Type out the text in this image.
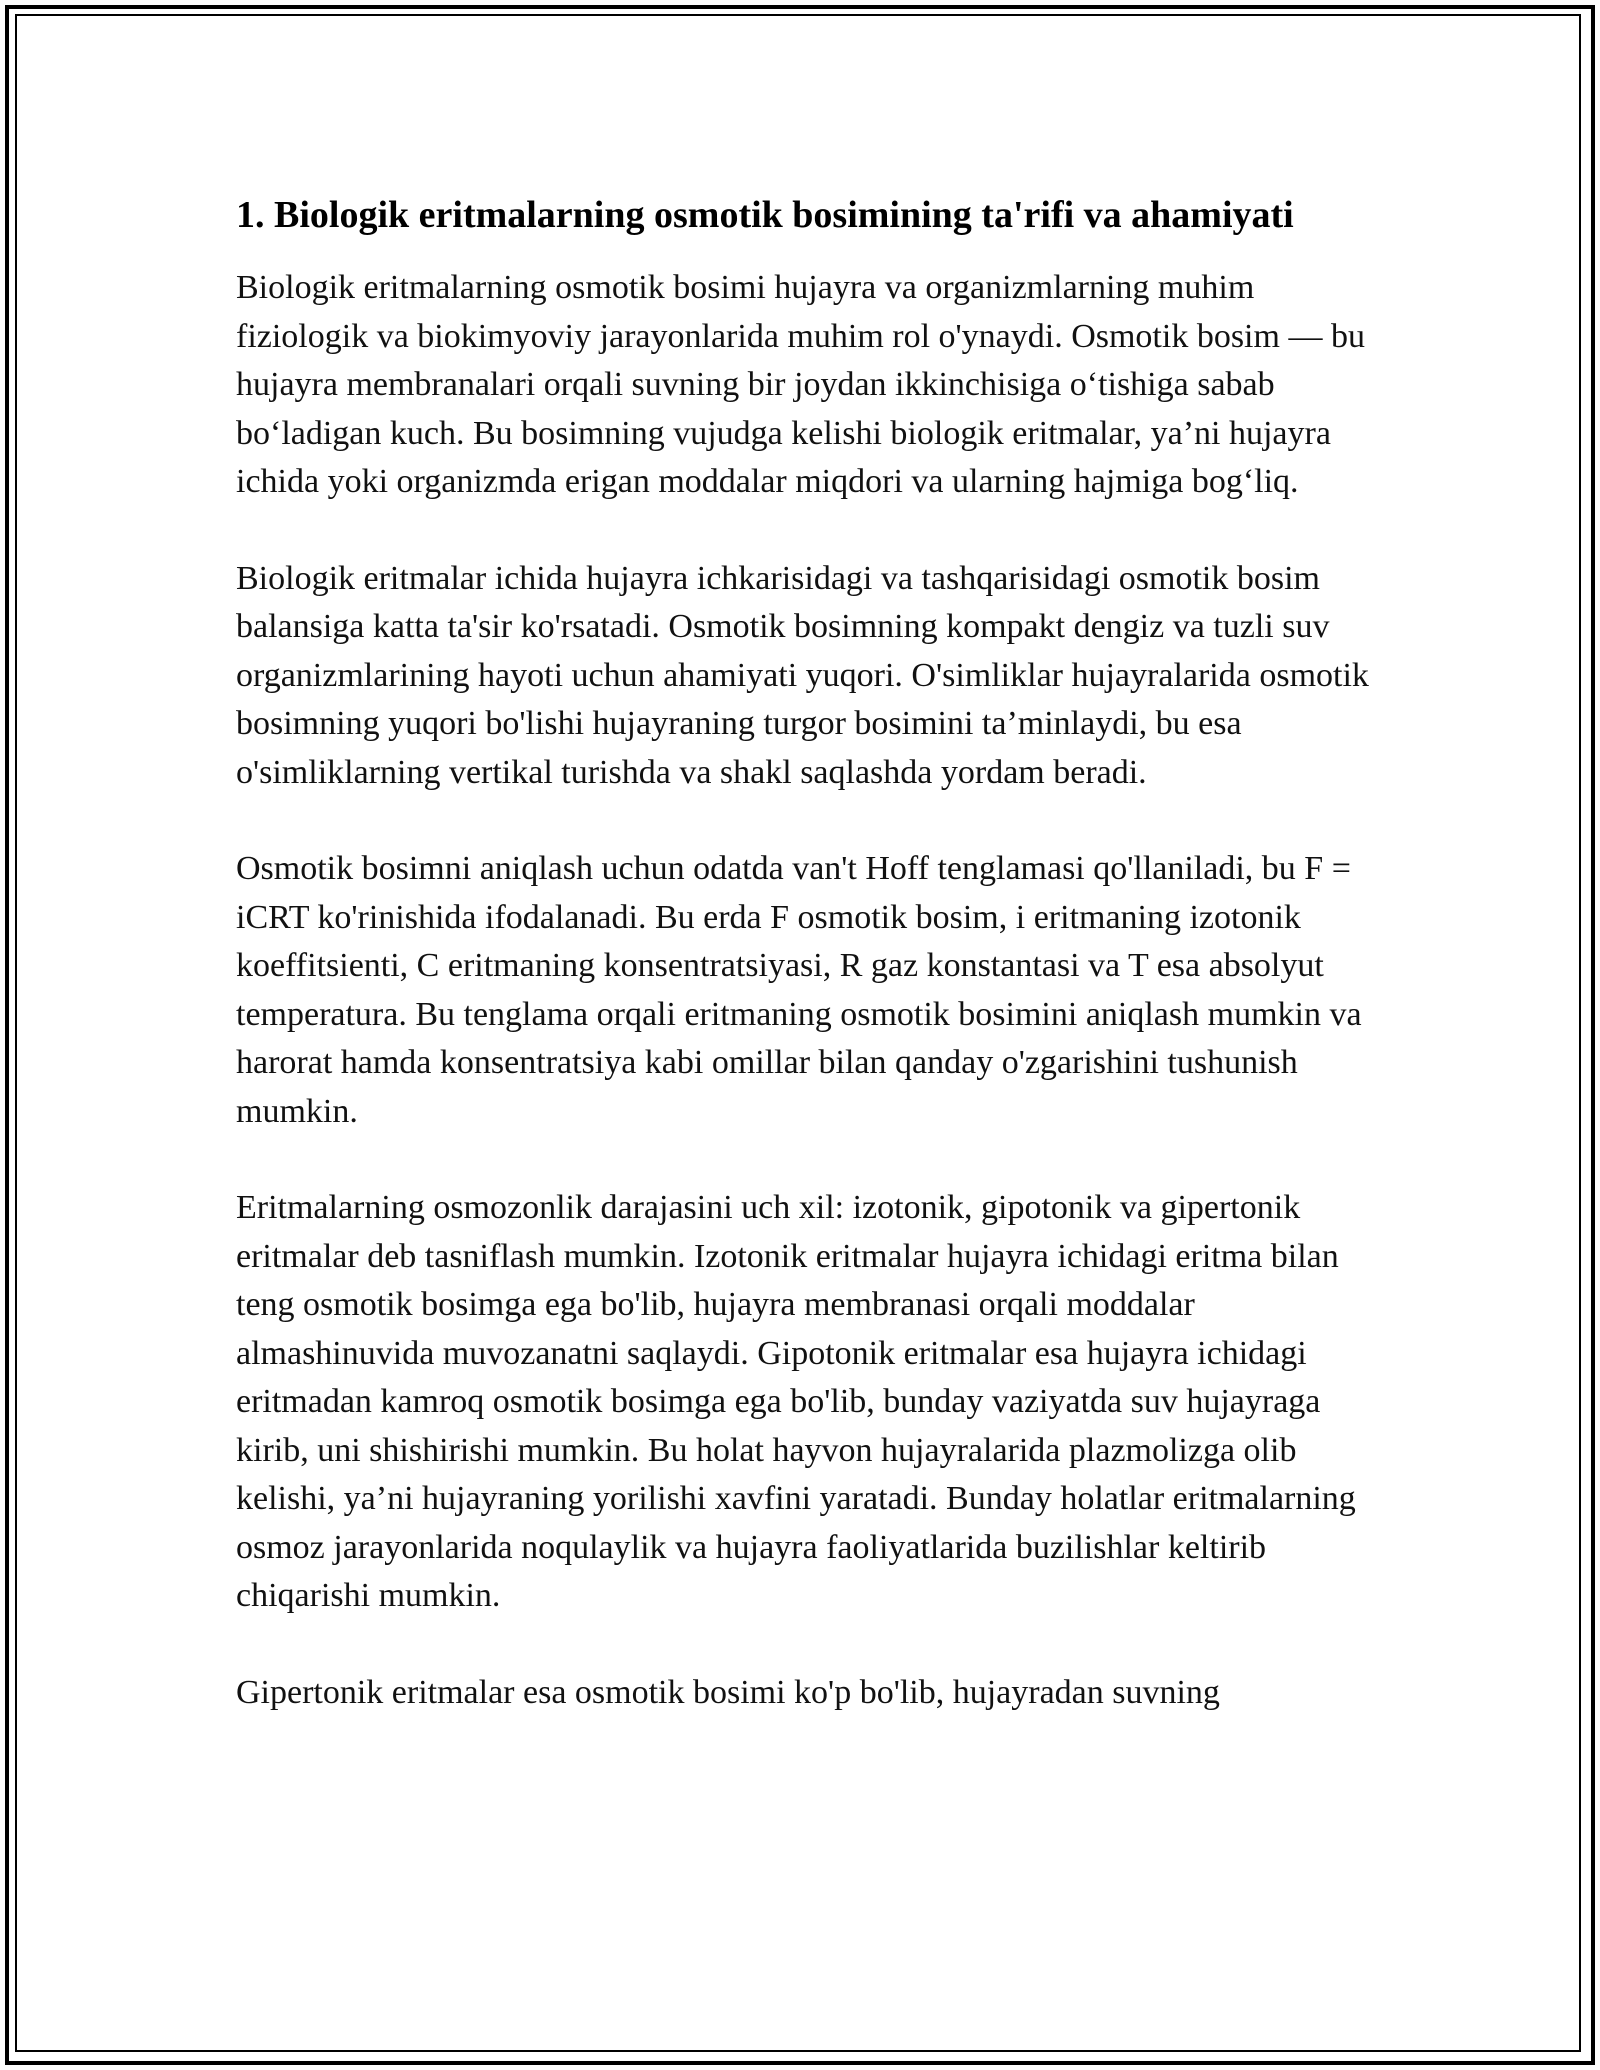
1. Biologik eritmalarning osmotik bosimining ta'rifi va ahamiyati

Biologik eritmalarning osmotik bosimi hujayra va organizmlarning muhim fiziologik va biokimyoviy jarayonlarida muhim rol o'ynaydi. Osmotik bosim — bu hujayra membranalari orqali suvning bir joydan ikkinchisiga o‘tishiga sabab bo‘ladigan kuch. Bu bosimning vujudga kelishi biologik eritmalar, ya’ni hujayra ichida yoki organizmda erigan moddalar miqdori va ularning hajmiga bog‘liq.

Biologik eritmalar ichida hujayra ichkarisidagi va tashqarisidagi osmotik bosim balansiga katta ta'sir ko'rsatadi. Osmotik bosimning kompakt dengiz va tuzli suv organizmlarining hayoti uchun ahamiyati yuqori. O'simliklar hujayralarida osmotik bosimning yuqori bo'lishi hujayraning turgor bosimini ta’minlaydi, bu esa o'simliklarning vertikal turishda va shakl saqlashda yordam beradi.

Osmotik bosimni aniqlash uchun odatda van't Hoff tenglamasi qo'llaniladi, bu F = iCRT ko'rinishida ifodalanadi. Bu erda F osmotik bosim, i eritmaning izotonik koeffitsienti, C eritmaning konsentratsiyasi, R gaz konstantasi va T esa absolyut temperatura. Bu tenglama orqali eritmaning osmotik bosimini aniqlash mumkin va harorat hamda konsentratsiya kabi omillar bilan qanday o'zgarishini tushunish mumkin.

Eritmalarning osmozonlik darajasini uch xil: izotonik, gipotonik va gipertonik eritmalar deb tasniflash mumkin. Izotonik eritmalar hujayra ichidagi eritma bilan teng osmotik bosimga ega bo'lib, hujayra membranasi orqali moddalar almashinuvida muvozanatni saqlaydi. Gipotonik eritmalar esa hujayra ichidagi eritmadan kamroq osmotik bosimga ega bo'lib, bunday vaziyatda suv hujayraga kirib, uni shishirishi mumkin. Bu holat hayvon hujayralarida plazmolizga olib kelishi, ya’ni hujayraning yorilishi xavfini yaratadi. Bunday holatlar eritmalarning osmoz jarayonlarida noqulaylik va hujayra faoliyatlarida buzilishlar keltirib chiqarishi mumkin.

Gipertonik eritmalar esa osmotik bosimi ko'p bo'lib, hujayradan suvning
